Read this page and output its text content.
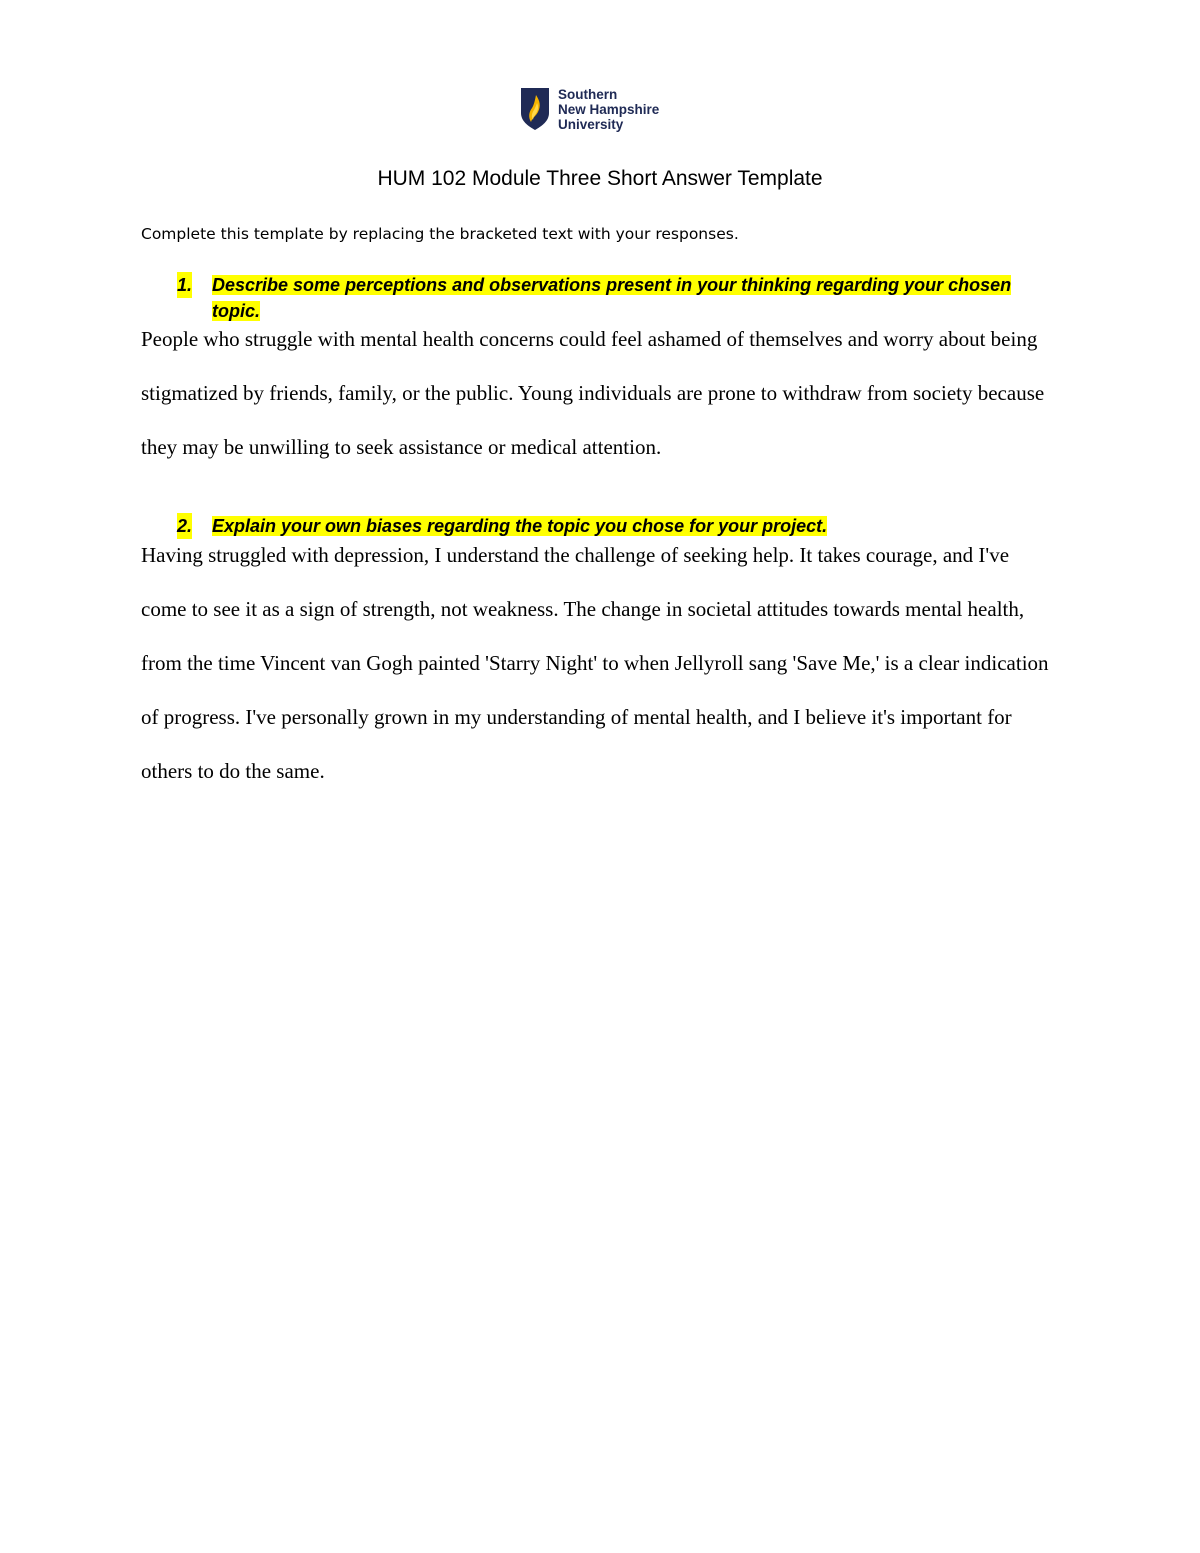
Southern
New Hampshire
University
HUM 102 Module Three Short Answer Template
Complete this template by replacing the bracketed text with your responses.
1. Describe some perceptions and observations present in your thinking regarding your chosen topic.
People who struggle with mental health concerns could feel ashamed of themselves and worry about being stigmatized by friends, family, or the public. Young individuals are prone to withdraw from society because they may be unwilling to seek assistance or medical attention.
2. Explain your own biases regarding the topic you chose for your project.
Having struggled with depression, I understand the challenge of seeking help. It takes courage, and I've come to see it as a sign of strength, not weakness. The change in societal attitudes towards mental health, from the time Vincent van Gogh painted 'Starry Night' to when Jellyroll sang 'Save Me,' is a clear indication of progress. I've personally grown in my understanding of mental health, and I believe it's important for others to do the same.
